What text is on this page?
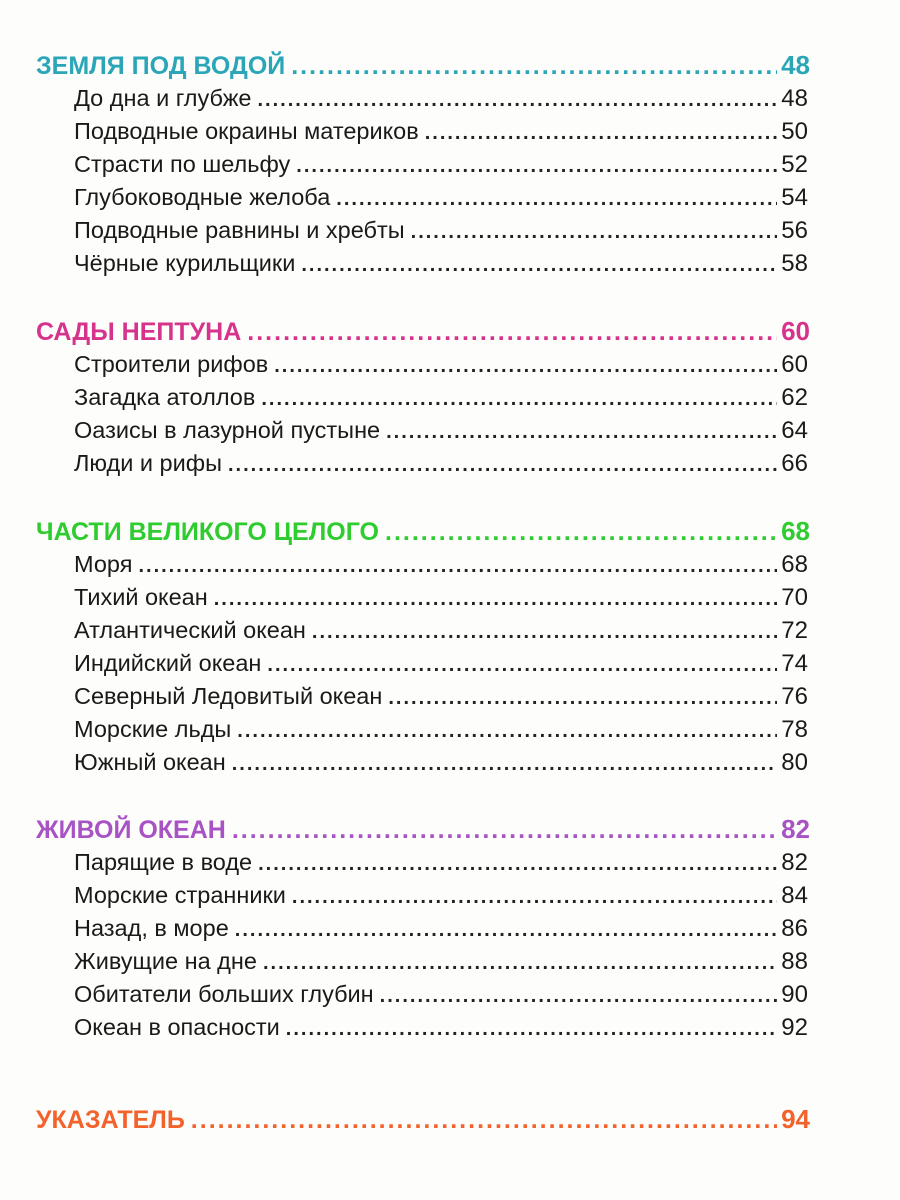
ЗЕМЛЯ ПОД ВОДОЙ .....	48
До дна и глубже .....	48
Подводные окраины материков .....	50
Страсти по шельфу .....	52
Глубоководные желоба .....	54
Подводные равнины и хребты .....	56
Чёрные курильщики .....	58
САДЫ НЕПТУНА .....	60
Строители рифов .....	60
Загадка атоллов .....	62
Оазисы в лазурной пустыне .....	64
Люди и рифы .....	66
ЧАСТИ ВЕЛИКОГО ЦЕЛОГО .....	68
Моря .....	68
Тихий океан .....	70
Атлантический океан .....	72
Индийский океан .....	74
Северный Ледовитый океан .....	76
Морские льды .....	78
Южный океан .....	80
ЖИВОЙ ОКЕАН .....	82
Парящие в воде .....	82
Морские странники .....	84
Назад, в море .....	86
Живущие на дне .....	88
Обитатели больших глубин .....	90
Океан в опасности .....	92
УКАЗАТЕЛЬ .....	94
